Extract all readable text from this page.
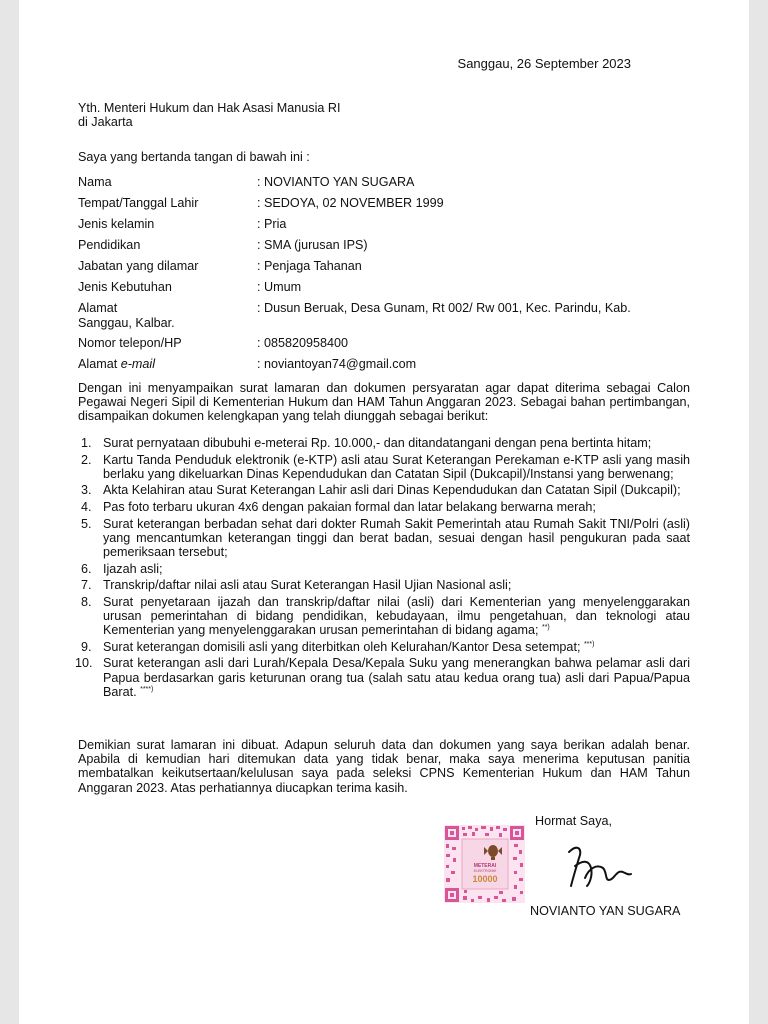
Sanggau, 26 September 2023
Yth. Menteri Hukum dan Hak Asasi Manusia RI
di Jakarta
Saya yang bertanda tangan di bawah ini :
Nama	: NOVIANTO YAN SUGARA
Tempat/Tanggal Lahir	: SEDOYA, 02 NOVEMBER 1999
Jenis kelamin	: Pria
Pendidikan	: SMA (jurusan IPS)
Jabatan yang dilamar	: Penjaga Tahanan
Jenis Kebutuhan	: Umum
Alamat	: Dusun Beruak, Desa Gunam, Rt 002/ Rw 001, Kec. Parindu, Kab.
Sanggau, Kalbar.
Nomor telepon/HP	: 085820958400
Alamat e-mail	: noviantoyan74@gmail.com
Dengan ini menyampaikan surat lamaran dan dokumen persyaratan agar dapat diterima sebagai Calon Pegawai Negeri Sipil di Kementerian Hukum dan HAM Tahun Anggaran 2023. Sebagai bahan pertimbangan, disampaikan dokumen kelengkapan yang telah diunggah sebagai berikut:
1. Surat pernyataan dibubuhi e-meterai Rp. 10.000,- dan ditandatangani dengan pena bertinta hitam;
2. Kartu Tanda Penduduk elektronik (e-KTP) asli atau Surat Keterangan Perekaman e-KTP asli yang masih berlaku yang dikeluarkan Dinas Kependudukan dan Catatan Sipil (Dukcapil)/Instansi yang berwenang;
3. Akta Kelahiran atau Surat Keterangan Lahir asli dari Dinas Kependudukan dan Catatan Sipil (Dukcapil);
4. Pas foto terbaru ukuran 4x6 dengan pakaian formal dan latar belakang berwarna merah;
5. Surat keterangan berbadan sehat dari dokter Rumah Sakit Pemerintah atau Rumah Sakit TNI/Polri (asli) yang mencantumkan keterangan tinggi dan berat badan, sesuai dengan hasil pengukuran pada saat pemeriksaan tersebut;
6. Ijazah asli;
7. Transkrip/daftar nilai asli atau Surat Keterangan Hasil Ujian Nasional asli;
8. Surat penyetaraan ijazah dan transkrip/daftar nilai (asli) dari Kementerian yang menyelenggarakan urusan pemerintahan di bidang pendidikan, kebudayaan, ilmu pengetahuan, dan teknologi atau Kementerian yang menyelenggarakan urusan pemerintahan di bidang agama; **)
9. Surat keterangan domisili asli yang diterbitkan oleh Kelurahan/Kantor Desa setempat; ***)
10. Surat keterangan asli dari Lurah/Kepala Desa/Kepala Suku yang menerangkan bahwa pelamar asli dari Papua berdasarkan garis keturunan orang tua (salah satu atau kedua orang tua) asli dari Papua/Papua Barat. ****)
Demikian surat lamaran ini dibuat. Adapun seluruh data dan dokumen yang saya berikan adalah benar. Apabila di kemudian hari ditemukan data yang tidak benar, maka saya menerima keputusan panitia membatalkan keikutsertaan/kelulusan saya pada seleksi CPNS Kementerian Hukum dan HAM Tahun Anggaran 2023. Atas perhatiannya diucapkan terima kasih.
Hormat Saya,
METERAI
ELEKTRONIK
10000
NOVIANTO YAN SUGARA
